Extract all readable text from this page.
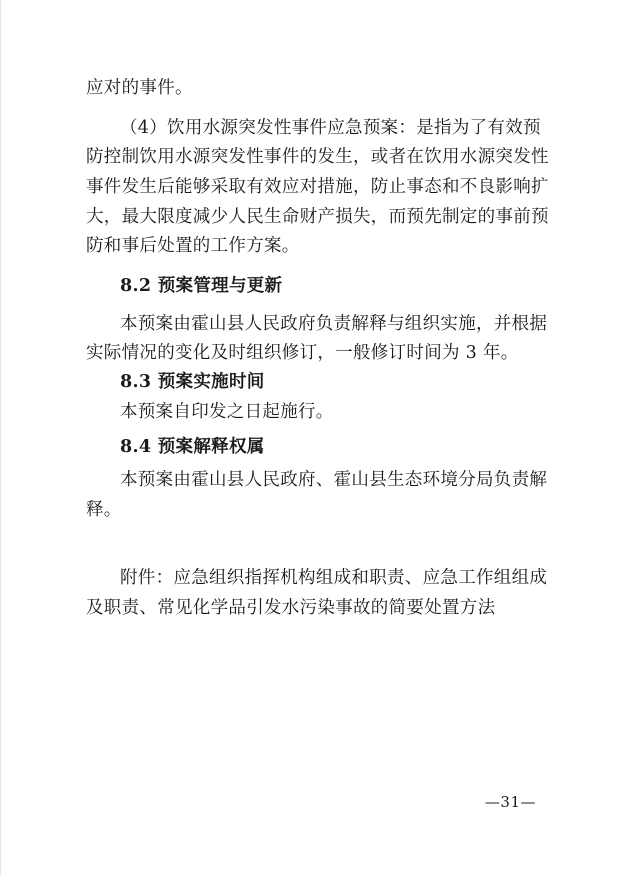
应对的事件。
（4）饮用水源突发性事件应急预案：是指为了有效预
防控制饮用水源突发性事件的发生，或者在饮用水源突发性
事件发生后能够采取有效应对措施，防止事态和不良影响扩
大，最大限度减少人民生命财产损失，而预先制定的事前预
防和事后处置的工作方案。
8.2 预案管理与更新
本预案由霍山县人民政府负责解释与组织实施，并根据
实际情况的变化及时组织修订，一般修订时间为 3 年。
8.3 预案实施时间
本预案自印发之日起施行。
8.4 预案解释权属
本预案由霍山县人民政府、霍山县生态环境分局负责解
释。
附件：应急组织指挥机构组成和职责、应急工作组组成
及职责、常见化学品引发水污染事故的简要处置方法
—31—
